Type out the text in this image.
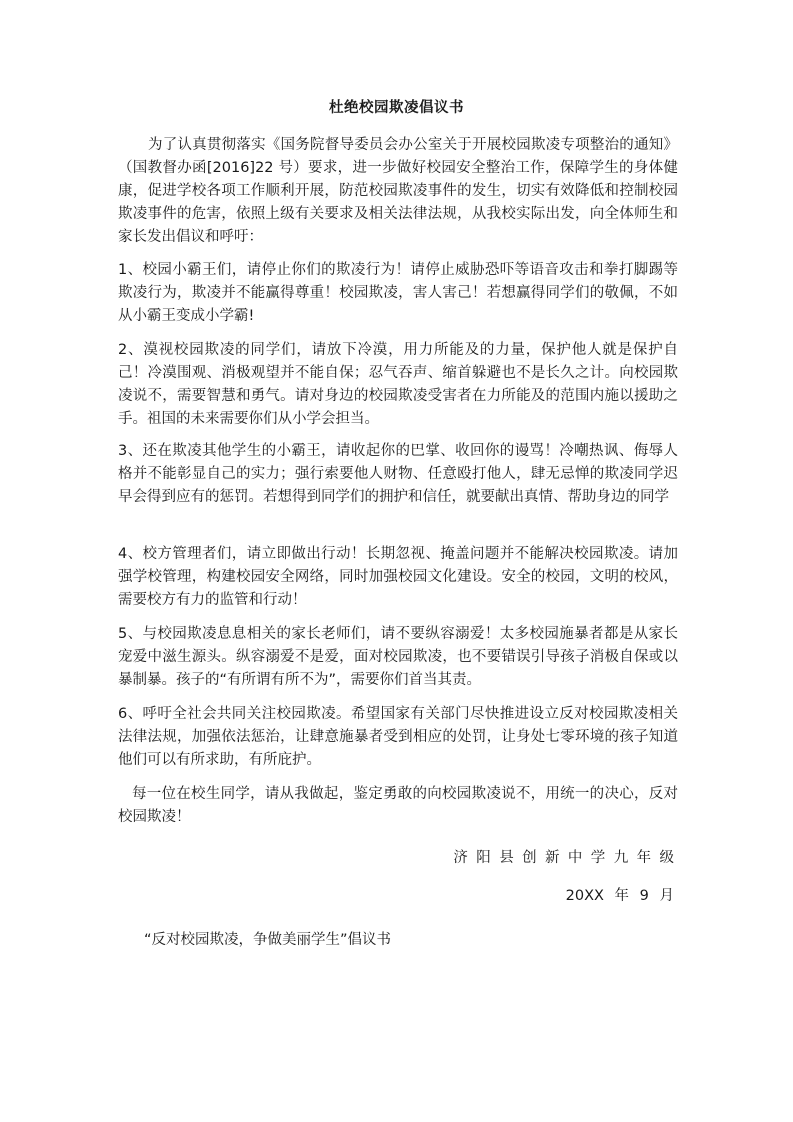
杜绝校园欺凌倡议书

为了认真贯彻落实《国务院督导委员会办公室关于开展校园欺凌专项整治的通知》（国教督办函[2016]22 号）要求，进一步做好校园安全整治工作，保障学生的身体健康，促进学校各项工作顺利开展，防范校园欺凌事件的发生，切实有效降低和控制校园欺凌事件的危害，依照上级有关要求及相关法律法规，从我校实际出发，向全体师生和家长发出倡议和呼吁：

1、校园小霸王们，请停止你们的欺凌行为！请停止威胁恐吓等语音攻击和拳打脚踢等欺凌行为，欺凌并不能赢得尊重！校园欺凌，害人害己！若想赢得同学们的敬佩，不如从小霸王变成小学霸!

2、漠视校园欺凌的同学们，请放下冷漠，用力所能及的力量，保护他人就是保护自己！冷漠围观、消极观望并不能自保；忍气吞声、缩首躲避也不是长久之计。向校园欺凌说不，需要智慧和勇气。请对身边的校园欺凌受害者在力所能及的范围内施以援助之手。祖国的未来需要你们从小学会担当。

3、还在欺凌其他学生的小霸王，请收起你的巴掌、收回你的谩骂！冷嘲热讽、侮辱人格并不能彰显自己的实力；强行索要他人财物、任意殴打他人，肆无忌惮的欺凌同学迟早会得到应有的惩罚。若想得到同学们的拥护和信任，就要献出真情、帮助身边的同学

4、校方管理者们，请立即做出行动！长期忽视、掩盖问题并不能解决校园欺凌。请加强学校管理，构建校园安全网络，同时加强校园文化建设。安全的校园，文明的校风，需要校方有力的监管和行动！

5、与校园欺凌息息相关的家长老师们，请不要纵容溺爱！太多校园施暴者都是从家长宠爱中滋生源头。纵容溺爱不是爱，面对校园欺凌，也不要错误引导孩子消极自保或以暴制暴。孩子的“有所谓有所不为”，需要你们首当其责。

6、呼吁全社会共同关注校园欺凌。希望国家有关部门尽快推进设立反对校园欺凌相关法律法规，加强依法惩治，让肆意施暴者受到相应的处罚，让身处七零环境的孩子知道他们可以有所求助，有所庇护。

每一位在校生同学，请从我做起，鉴定勇敢的向校园欺凌说不，用统一的决心，反对校园欺凌！

济阳县创新中学九年级
20XX 年 9 月
“反对校园欺凌，争做美丽学生”倡议书
